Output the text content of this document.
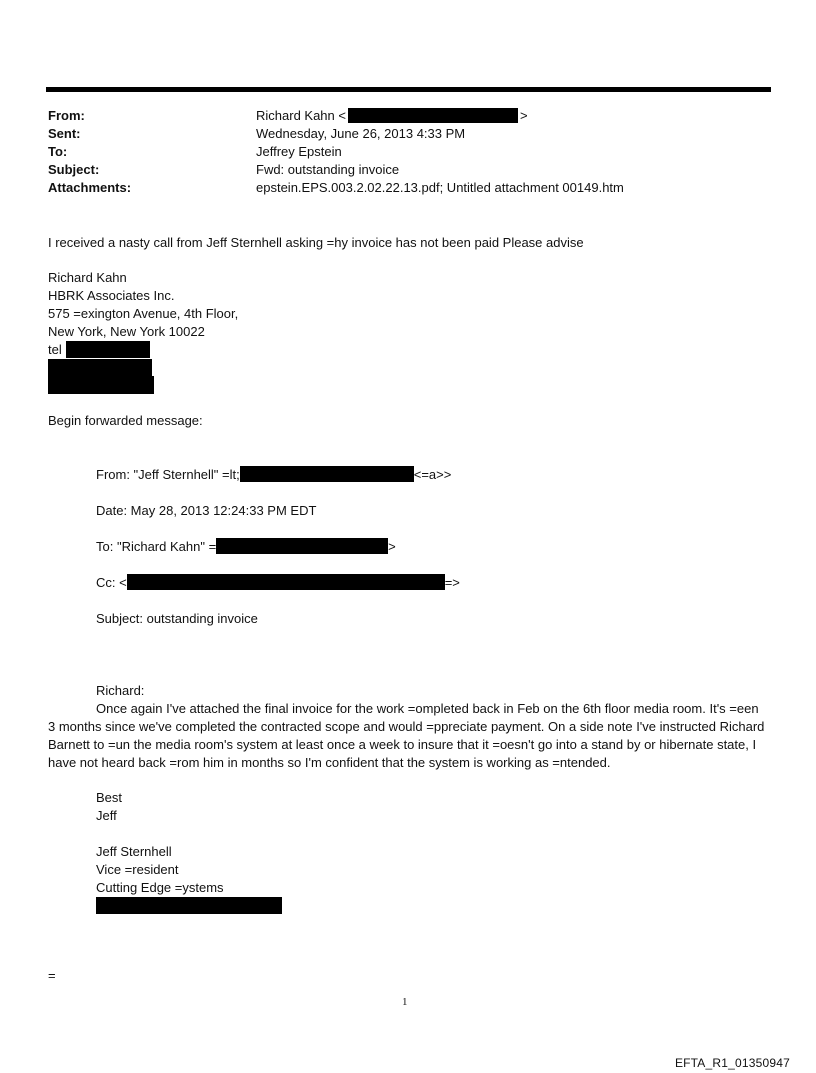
From:	Richard Kahn <	>
Sent:	Wednesday, June 26, 2013 4:33 PM
To:	Jeffrey Epstein
Subject:	Fwd: outstanding invoice
Attachments:	epstein.EPS.003.2.02.22.13.pdf; Untitled attachment 00149.htm
I received a nasty call from Jeff Sternhell asking =hy invoice has not been paid Please advise
Richard Kahn
HBRK Associates Inc.
575 =exington Avenue, 4th Floor,
New York, New York 10022
tel
Begin forwarded message:
From: "Jeff Sternhell" =lt;	<=a>>
Date: May 28, 2013 12:24:33 PM EDT
To: "Richard Kahn" =	>
Cc: <	=>
Subject: outstanding invoice
Richard:
Once again I've attached the final invoice for the work =ompleted back in Feb on the 6th floor media room. It's =een 3 months since we've completed the contracted scope and would =ppreciate payment. On a side note I've instructed Richard Barnett to =un the media room's system at least once a week to insure that it =oesn't go into a stand by or hibernate state, I have not heard back =rom him in months so I'm confident that the system is working as =ntended.
Best
Jeff
Jeff Sternhell
Vice =resident
Cutting Edge =ystems
=
1
EFTA_R1_01350947
